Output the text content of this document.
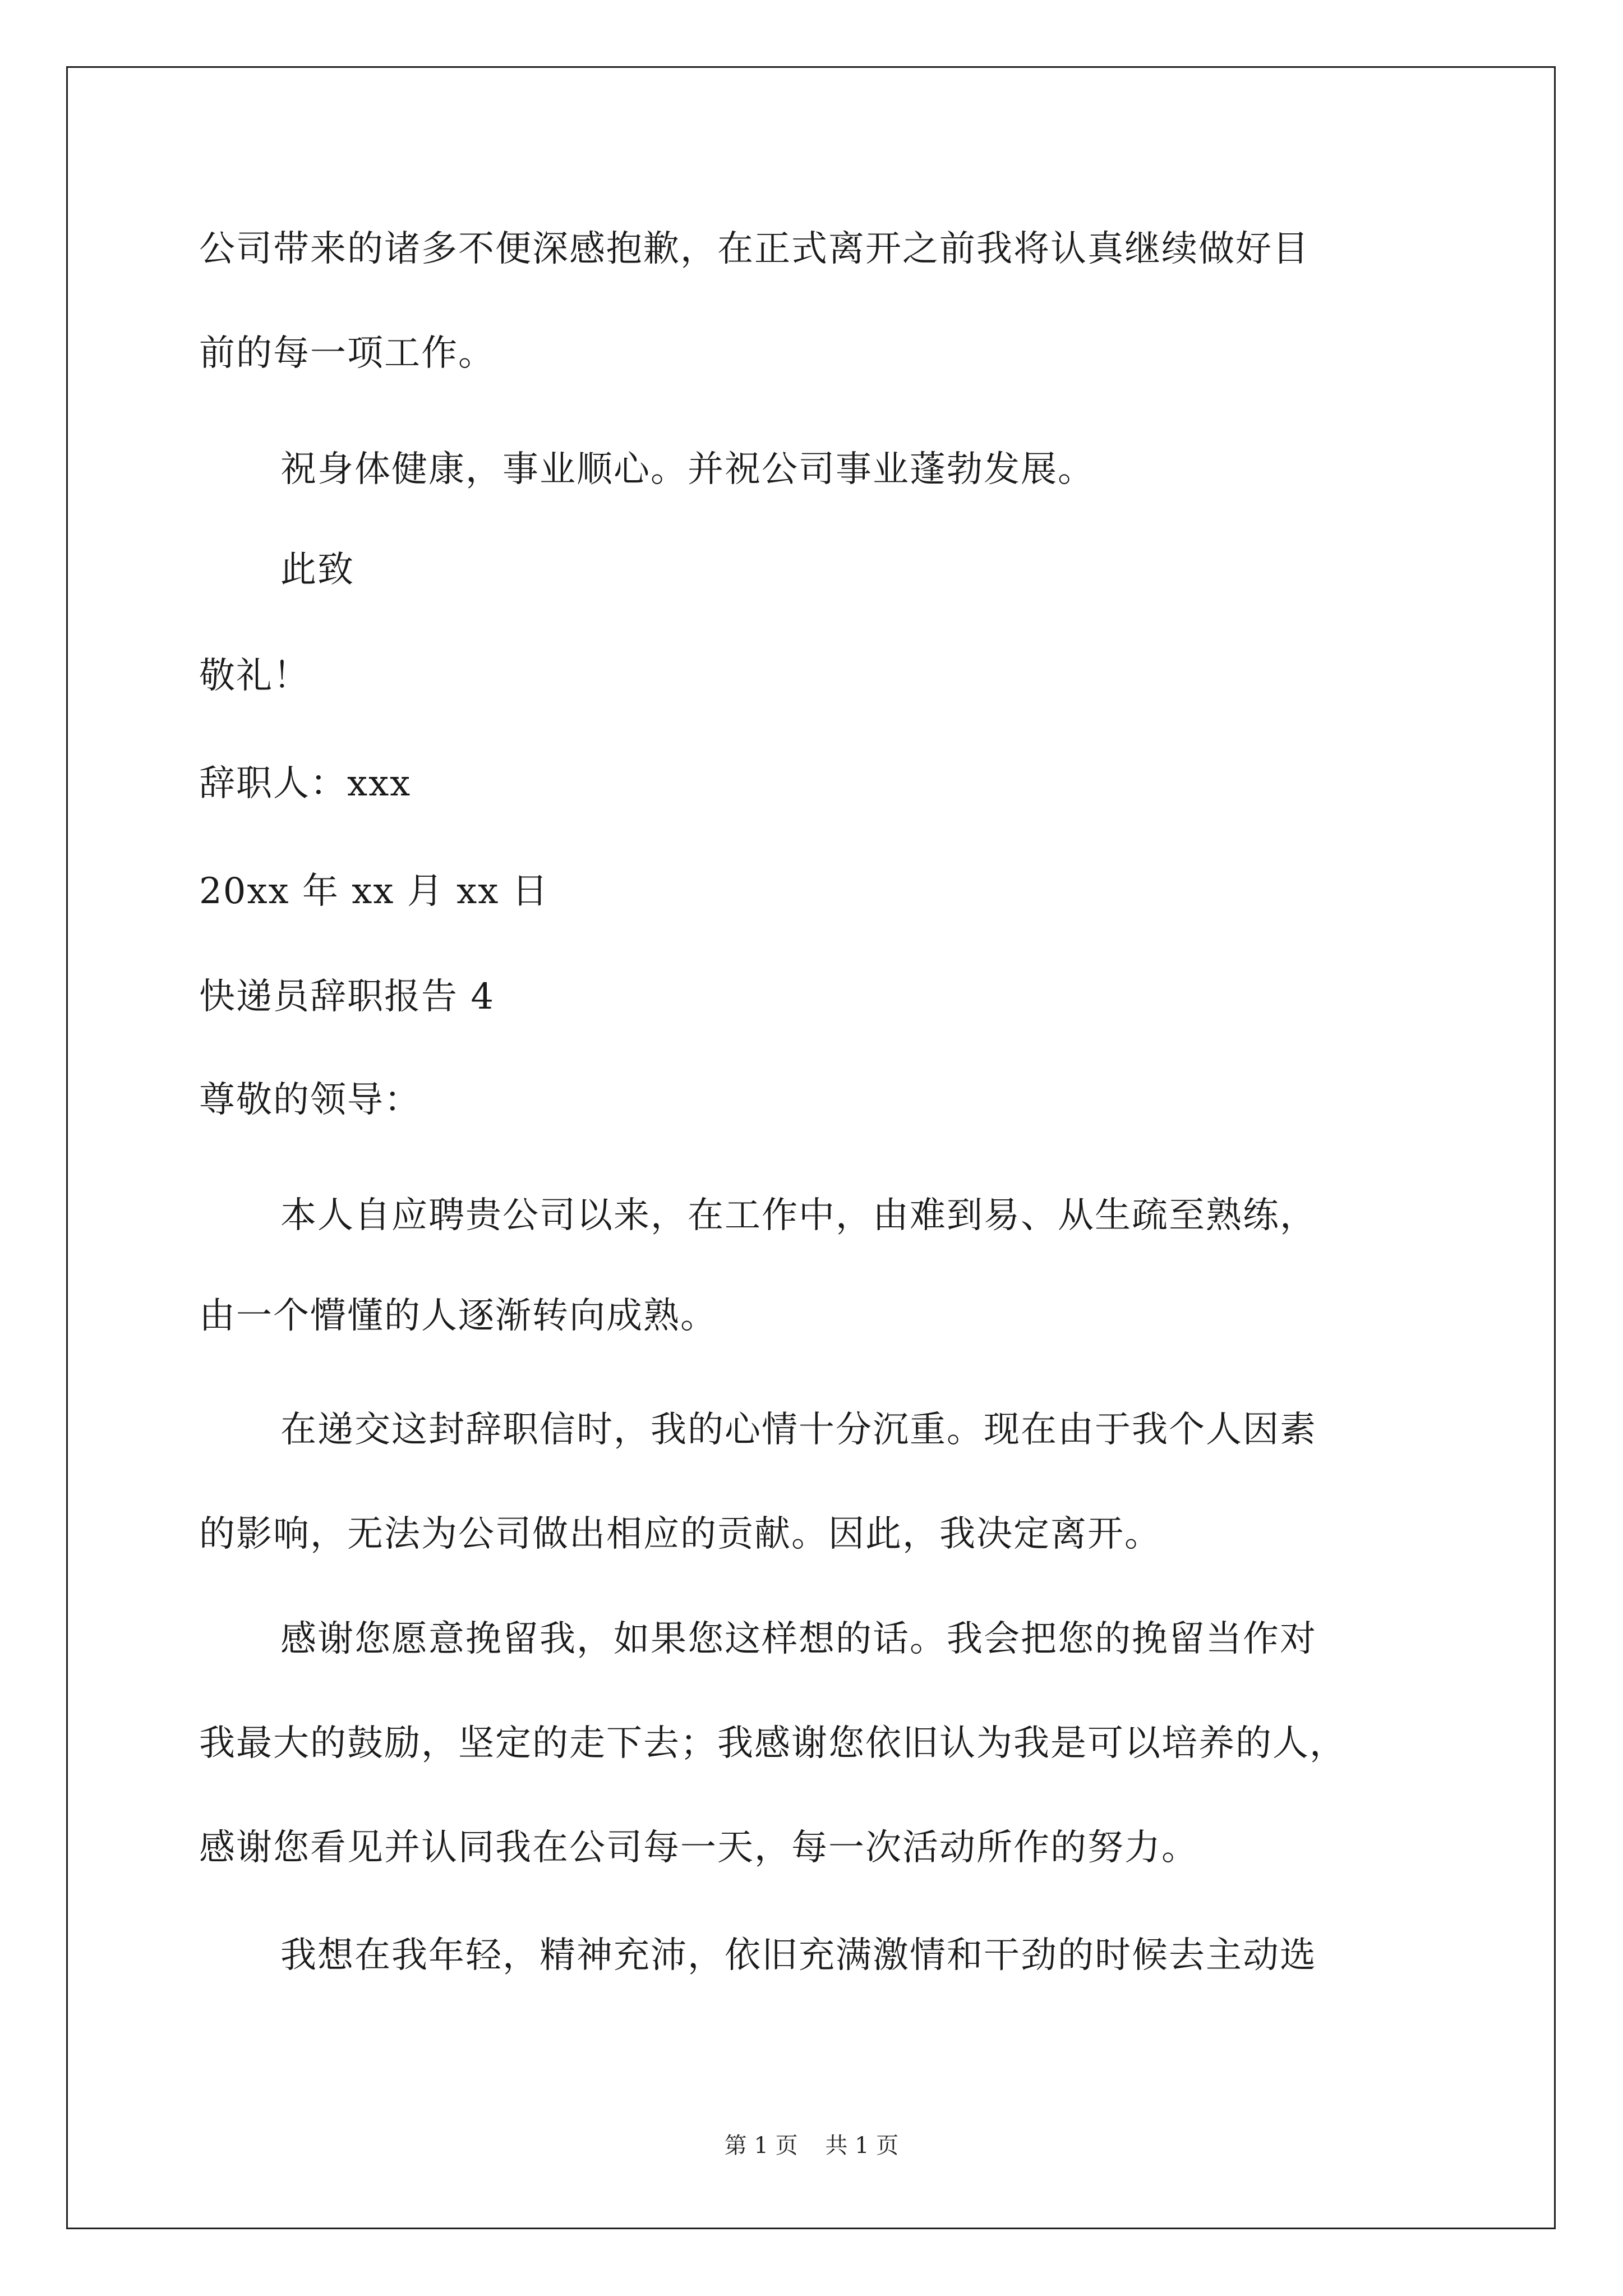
公司带来的诸多不便深感抱歉，在正式离开之前我将认真继续做好目
前的每一项工作。
祝身体健康，事业顺心。并祝公司事业蓬勃发展。
此致
敬礼！
辞职人：xxx
20xx 年 xx 月 xx 日
快递员辞职报告 4
尊敬的领导：
本人自应聘贵公司以来，在工作中，由难到易、从生疏至熟练，
由一个懵懂的人逐渐转向成熟。
在递交这封辞职信时，我的心情十分沉重。现在由于我个人因素
的影响，无法为公司做出相应的贡献。因此，我决定离开。
感谢您愿意挽留我，如果您这样想的话。我会把您的挽留当作对
我最大的鼓励，坚定的走下去；我感谢您依旧认为我是可以培养的人，
感谢您看见并认同我在公司每一天，每一次活动所作的努力。
我想在我年轻，精神充沛，依旧充满激情和干劲的时候去主动选
第 1 页 共 1 页
